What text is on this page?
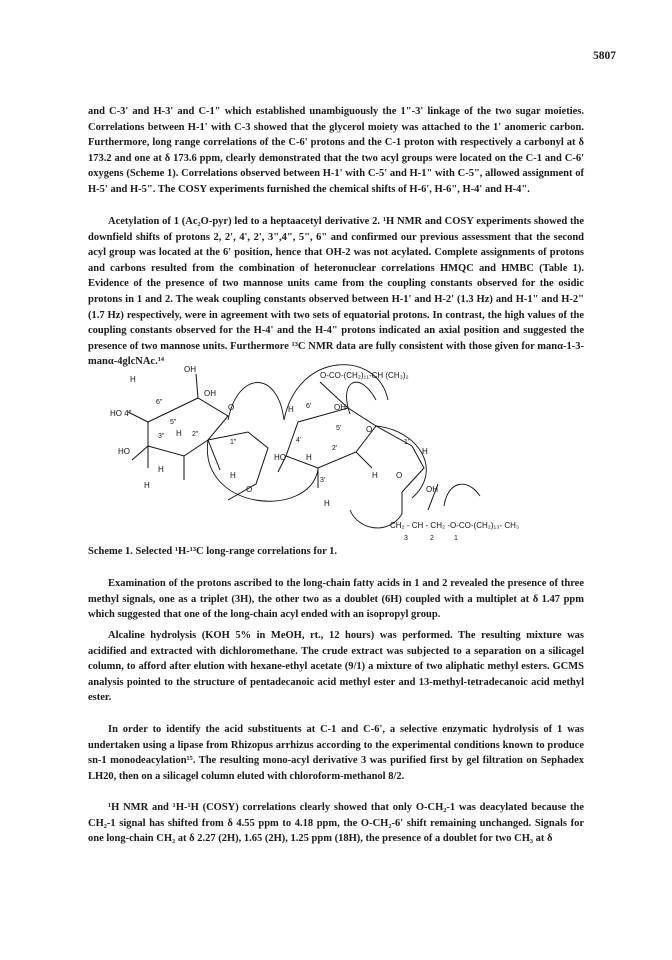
5807

and C-3' and H-3' and C-1" which established unambiguously the 1"-3' linkage of the two sugar moieties. Correlations between H-1' with C-3 showed that the glycerol moiety was attached to the 1' anomeric carbon. Furthermore, long range correlations of the C-6' protons and the C-1 proton with respectively a carbonyl at δ 173.2 and one at δ 173.6 ppm, clearly demonstrated that the two acyl groups were located on the C-1 and C-6' oxygens (Scheme 1). Correlations observed between H-1' with C-5' and H-1" with C-5", allowed assignment of H-5' and H-5". The COSY experiments furnished the chemical shifts of H-6', H-6", H-4' and H-4".

Acetylation of 1 (Ac₂O-pyr) led to a heptaacetyl derivative 2. ¹H NMR and COSY experiments showed the downfield shifts of protons 2, 2', 4', 2', 3",4", 5", 6" and confirmed our previous assessment that the second acyl group was located at the 6' position, hence that OH-2 was not acylated. Complete assignments of protons and carbons resulted from the combination of heteronuclear correlations HMQC and HMBC (Table 1). Evidence of the presence of two mannose units came from the coupling constants observed for the osidic protons in 1 and 2. The weak coupling constants observed between H-1' and H-2' (1.3 Hz) and H-1" and H-2" (1.7 Hz) respectively, were in agreement with two sets of equatorial protons. In contrast, the high values of the coupling constants observed for the H-4' and the H-4" protons indicated an axial position and suggested the presence of two mannose units. Furthermore ¹³C NMR data are fully consistent with those given for manα-1-3-manα-4glcNAc.¹⁴

OH
H
6"
HO 4"
OH
O
5"
3" H 2"
HO
1"
H
H
H	O
O-CO-(CH₂)₁₁-CH (CH₃)₂
H 6'	OH
O
5'
HO
4'
H
2'
1'
H
3'
H
H O
OH
CH₂ - CH - CH₂ -O-CO-(CH₂)₁₃- CH₃
3	2	1
Scheme 1. Selected ¹H-¹³C long-range correlations for 1.

Examination of the protons ascribed to the long-chain fatty acids in 1 and 2 revealed the presence of three methyl signals, one as a triplet (3H), the other two as a doublet (6H) coupled with a multiplet at δ 1.47 ppm which suggested that one of the long-chain acyl ended with an isopropyl group.

Alcaline hydrolysis (KOH 5% in MeOH, rt., 12 hours) was performed. The resulting mixture was acidified and extracted with dichloromethane. The crude extract was subjected to a separation on a silicagel column, to afford after elution with hexane-ethyl acetate (9/1) a mixture of two aliphatic methyl esters. GCMS analysis pointed to the structure of pentadecanoic acid methyl ester and 13-methyl-tetradecanoic acid methyl ester.

In order to identify the acid substituents at C-1 and C-6', a selective enzymatic hydrolysis of 1 was undertaken using a lipase from Rhizopus arrhizus according to the experimental conditions known to produce sn-1 monodeacylation¹⁵. The resulting mono-acyl derivative 3 was purified first by gel filtration on Sephadex LH20, then on a silicagel column eluted with chloroform-methanol 8/2.

¹H NMR and ¹H-¹H (COSY) correlations clearly showed that only O-CH₂-1 was deacylated because the CH₂-1 signal has shifted from δ 4.55 ppm to 4.18 ppm, the O-CH₂-6' shift remaining unchanged. Signals for one long-chain CH₂ at δ 2.27 (2H), 1.65 (2H), 1.25 ppm (18H), the presence of a doublet for two CH₃ at δ
